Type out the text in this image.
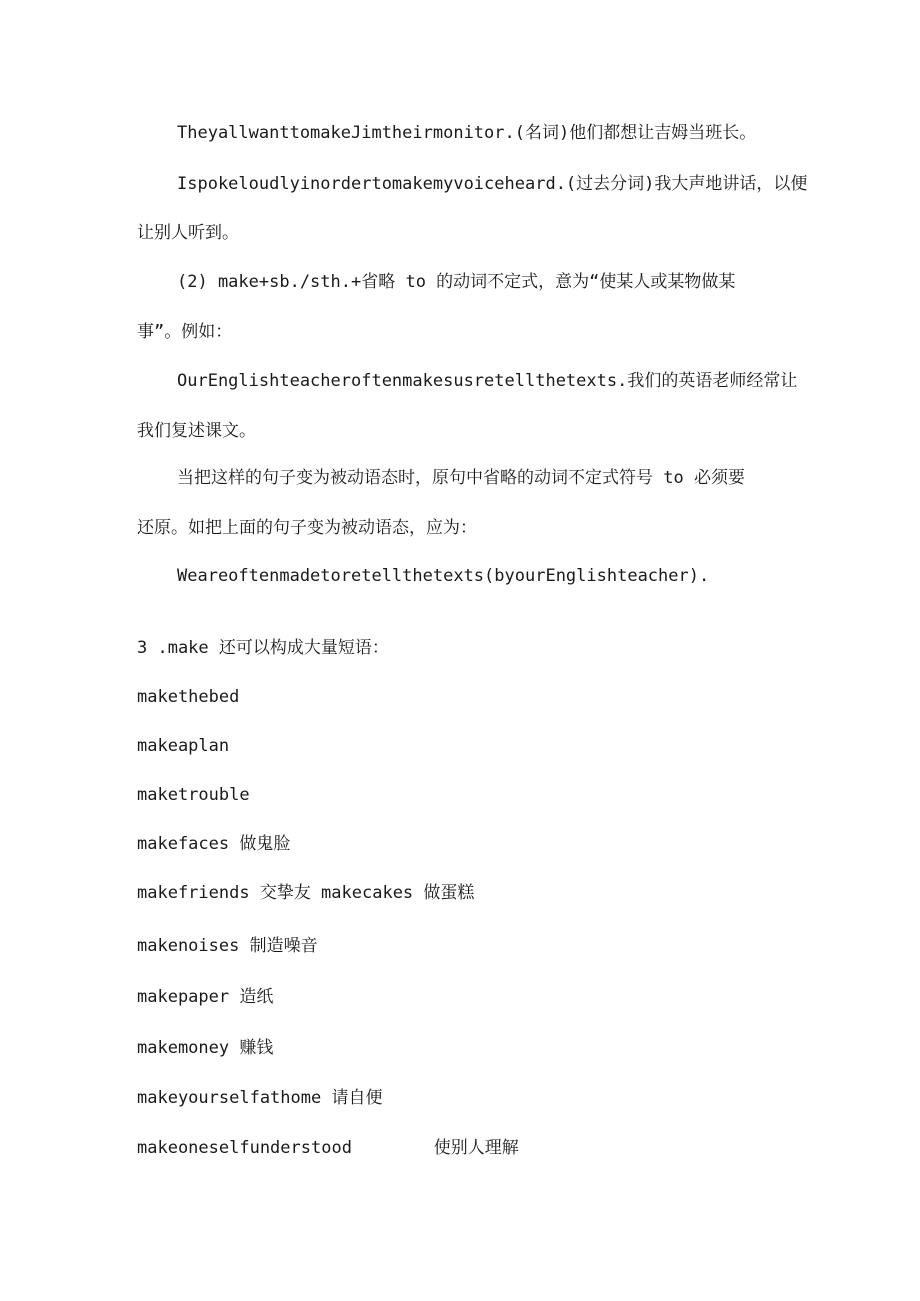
TheyallwanttomakeJimtheirmonitor.(名词)他们都想让吉姆当班长。
Ispokeloudlyinordertomakemyvoiceheard.(过去分词)我大声地讲话，以便
让别人听到。
(2) make+sb./sth.+省略 to 的动词不定式，意为“使某人或某物做某
事”。例如：
OurEnglishteacheroftenmakesusretellthetexts.我们的英语老师经常让
我们复述课文。
当把这样的句子变为被动语态时，原句中省略的动词不定式符号 to 必须要
还原。如把上面的句子变为被动语态，应为：
Weareoftenmadetoretellthetexts(byourEnglishteacher).
3 .make 还可以构成大量短语：
makethebed
makeaplan
maketrouble
makefaces 做鬼脸
makefriends 交挚友 makecakes 做蛋糕
makenoises 制造噪音
makepaper 造纸
makemoney 赚钱
makeyourselfathome 请自便
makeoneselfunderstood        使别人理解
